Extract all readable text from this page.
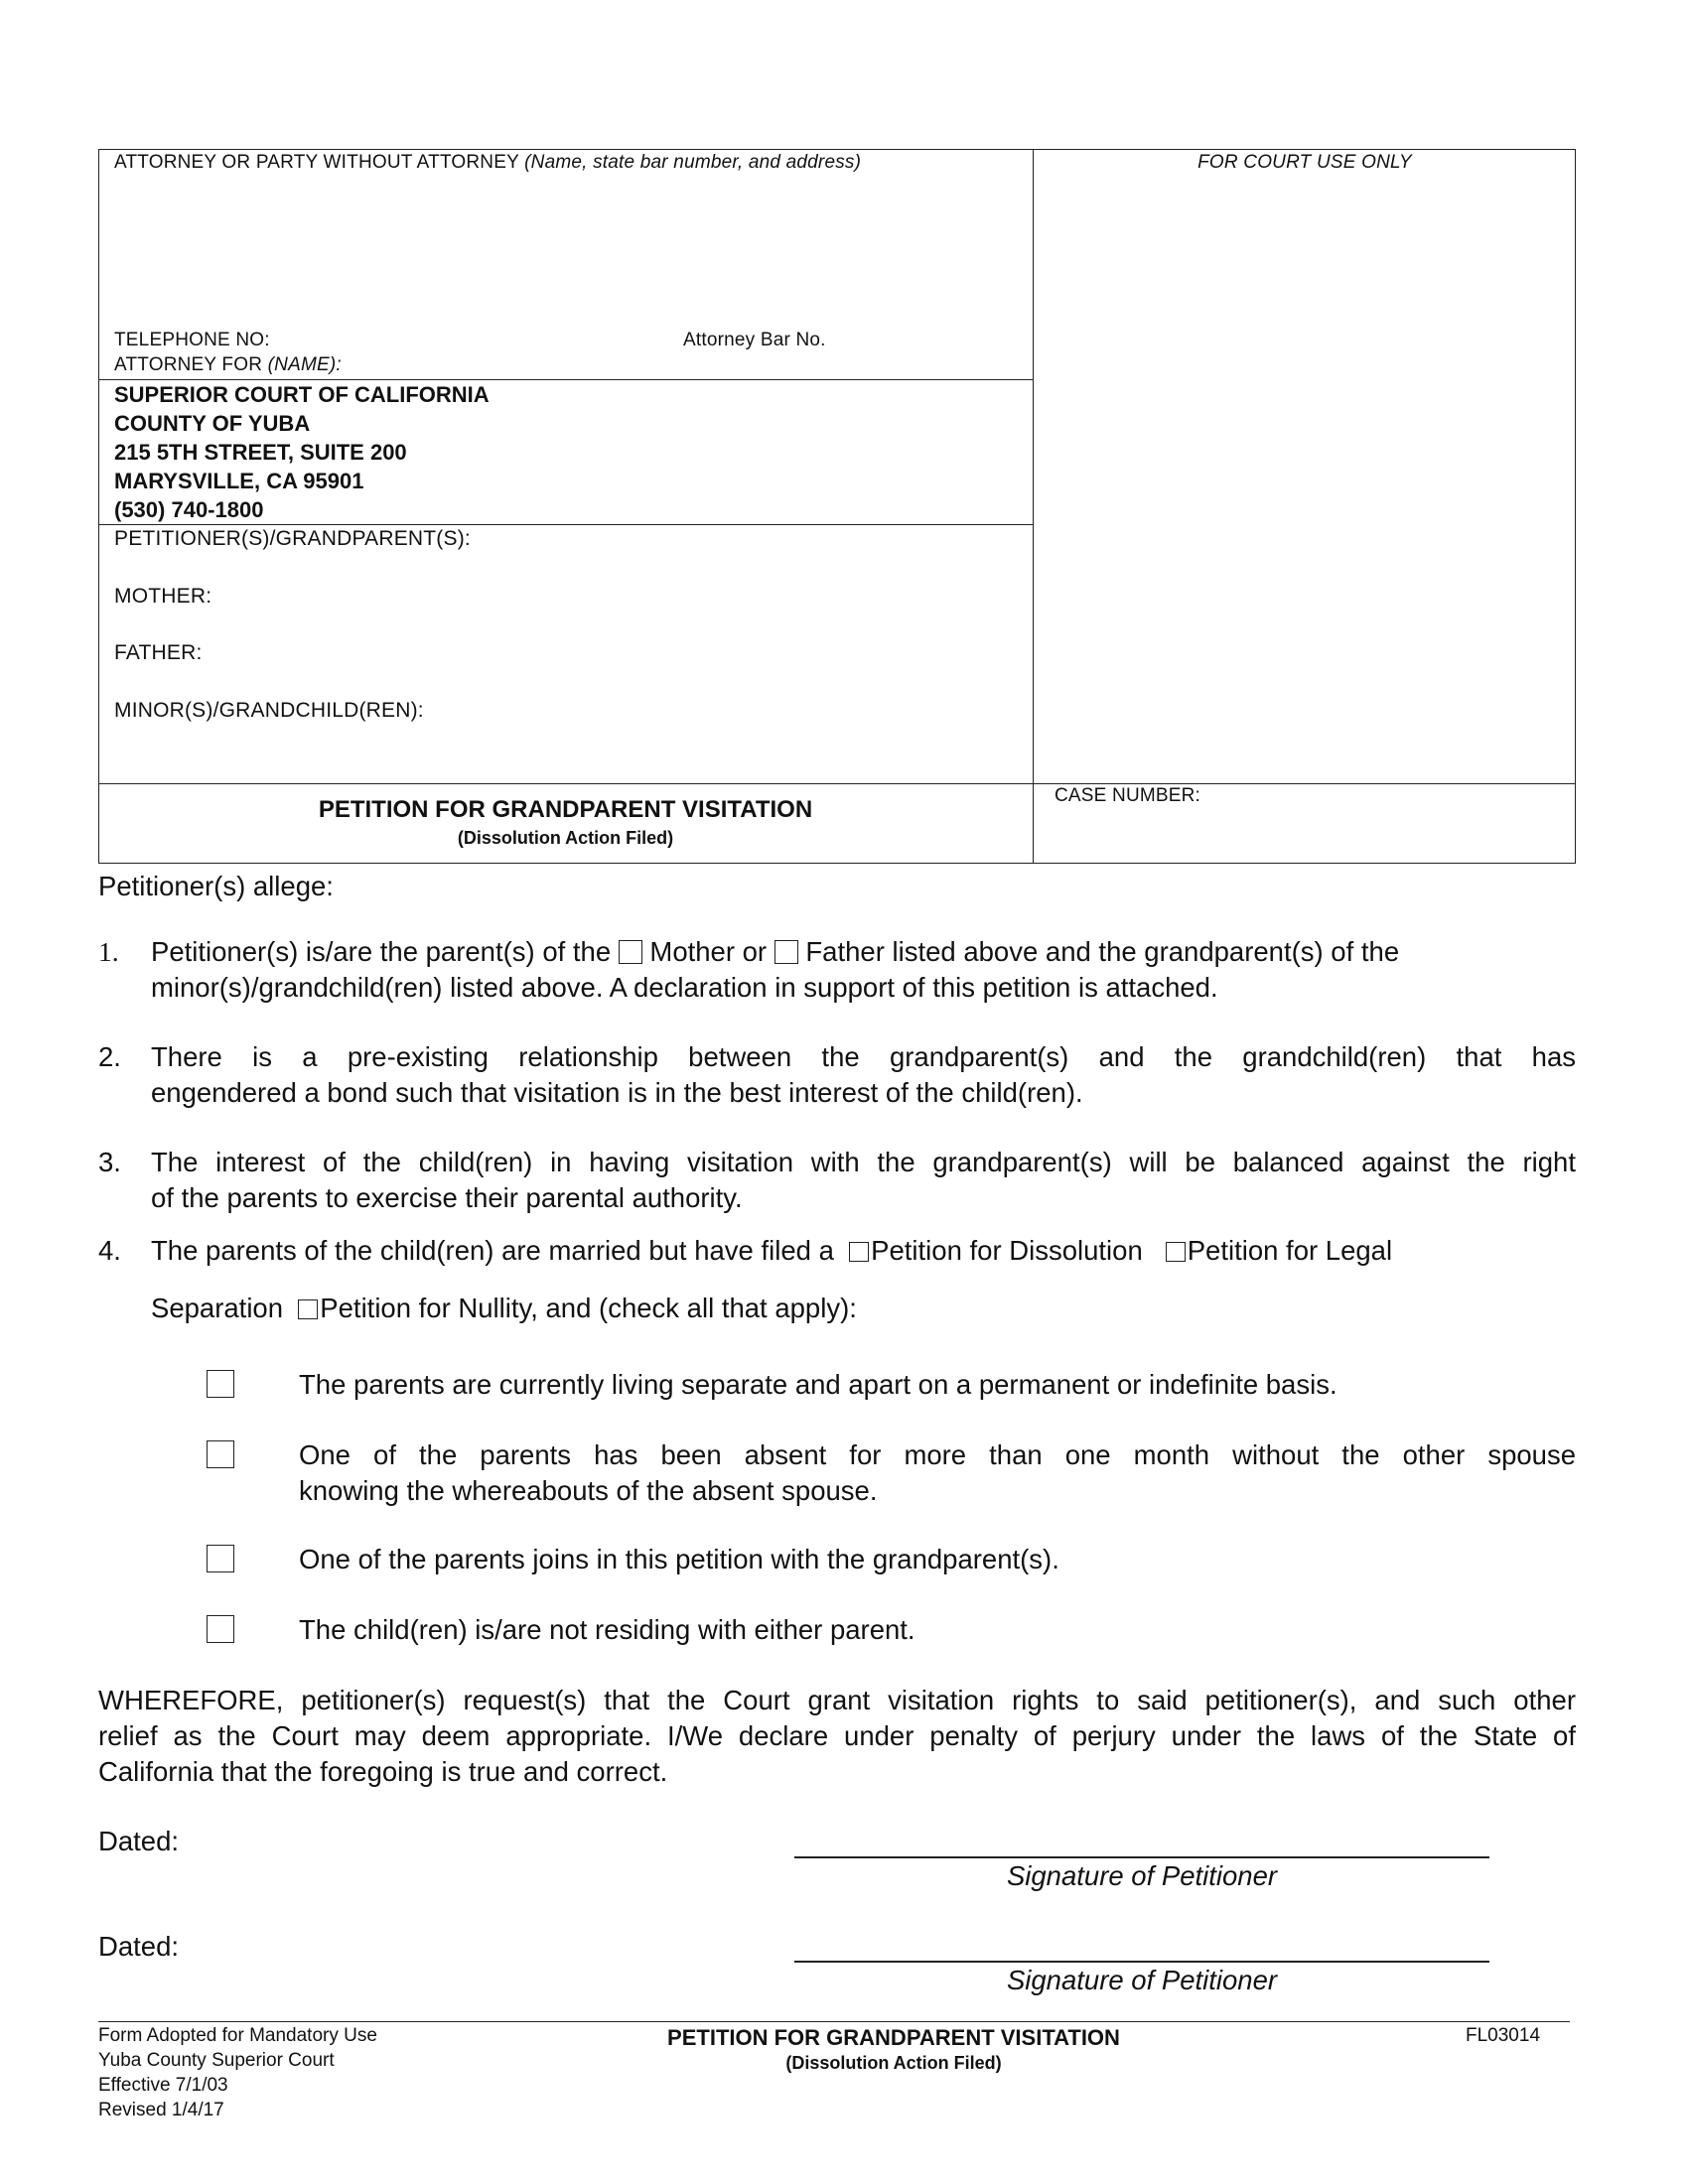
ATTORNEY OR PARTY WITHOUT ATTORNEY (Name, state bar number, and address)	FOR COURT USE ONLY
TELEPHONE NO:	Attorney Bar No.
ATTORNEY FOR (NAME):
SUPERIOR COURT OF CALIFORNIA
COUNTY OF YUBA
215 5TH STREET, SUITE 200
MARYSVILLE, CA 95901
(530) 740-1800
PETITIONER(S)/GRANDPARENT(S):
MOTHER:
FATHER:
MINOR(S)/GRANDCHILD(REN):
PETITION FOR GRANDPARENT VISITATION
(Dissolution Action Filed)
CASE NUMBER:
Petitioner(s) allege:
1. Petitioner(s) is/are the parent(s) of the Mother or Father listed above and the grandparent(s) of the
minor(s)/grandchild(ren) listed above. A declaration in support of this petition is attached.
2. There is a pre-existing relationship between the grandparent(s) and the grandchild(ren) that has
engendered a bond such that visitation is in the best interest of the child(ren).
3. The interest of the child(ren) in having visitation with the grandparent(s) will be balanced against the right
of the parents to exercise their parental authority.
4. The parents of the child(ren) are married but have filed a Petition for Dissolution Petition for Legal
Separation Petition for Nullity, and (check all that apply):
The parents are currently living separate and apart on a permanent or indefinite basis.
One of the parents has been absent for more than one month without the other spouse
knowing the whereabouts of the absent spouse.
One of the parents joins in this petition with the grandparent(s).
The child(ren) is/are not residing with either parent.
WHEREFORE, petitioner(s) request(s) that the Court grant visitation rights to said petitioner(s), and such other
relief as the Court may deem appropriate. I/We declare under penalty of perjury under the laws of the State of
California that the foregoing is true and correct.
Dated:
Signature of Petitioner
Dated:
Signature of Petitioner
Form Adopted for Mandatory Use
Yuba County Superior Court
Effective 7/1/03
Revised 1/4/17
PETITION FOR GRANDPARENT VISITATION
(Dissolution Action Filed)
FL03014
